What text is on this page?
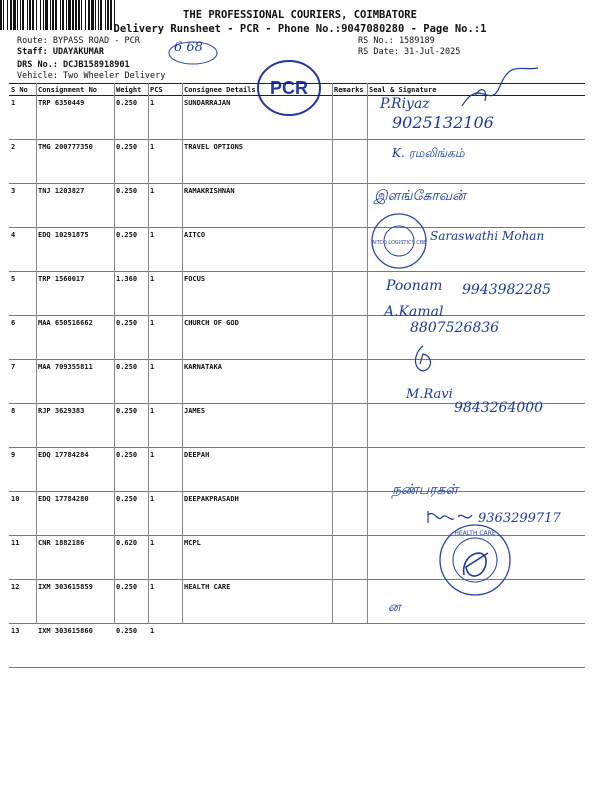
THE PROFESSIONAL COURIERS, COIMBATORE
Delivery Runsheet - PCR - Phone No.:9047080280 - Page No.:1
Route: BYPASS ROAD - PCR
Staff: UDAYAKUMAR
DRS No.: DCJB158918901
Vehicle: Two Wheeler Delivery
RS No.: 1589189
RS Date: 31-Jul-2025
6 68
PCR
S No	Consignment No	Weight	PCS	Consignee Details	Remarks	Seal & Signature
1	TRP 6350449	0.250	1	SUNDARRAJAN		
2	TMG 200777350	0.250	1	TRAVEL OPTIONS		
3	TNJ 1203827	0.250	1	RAMAKRISHNAN		
4	EDQ 10291875	0.250	1	AITCO		
5	TRP 1560017	1.360	1	FOCUS		
6	MAA 650516662	0.250	1	CHURCH OF GOD		
7	MAA 709355811	0.250	1	KARNATAKA		
8	RJP 3629383	0.250	1	JAMES		
9	EDQ 17784284	0.250	1	DEEPAH		
10	EDQ 17784280	0.250	1	DEEPAKPRASADH		
11	CNR 1882186	0.620	1	MCPL		
12	IXM 303615859	0.250	1	HEALTH CARE		
13	IXM 303615860	0.250	1			
P.Riyaz
9025132106
K. ரமலிங்கம்
இளங்கோவன்
AITCO LOGISTICS CBE Saraswathi Mohan
Poonam 9943982285
A.Kamal
8807526836
M.Ravi
9843264000
நண்பரகள்
9363299717
HEALTH CARE
ன
